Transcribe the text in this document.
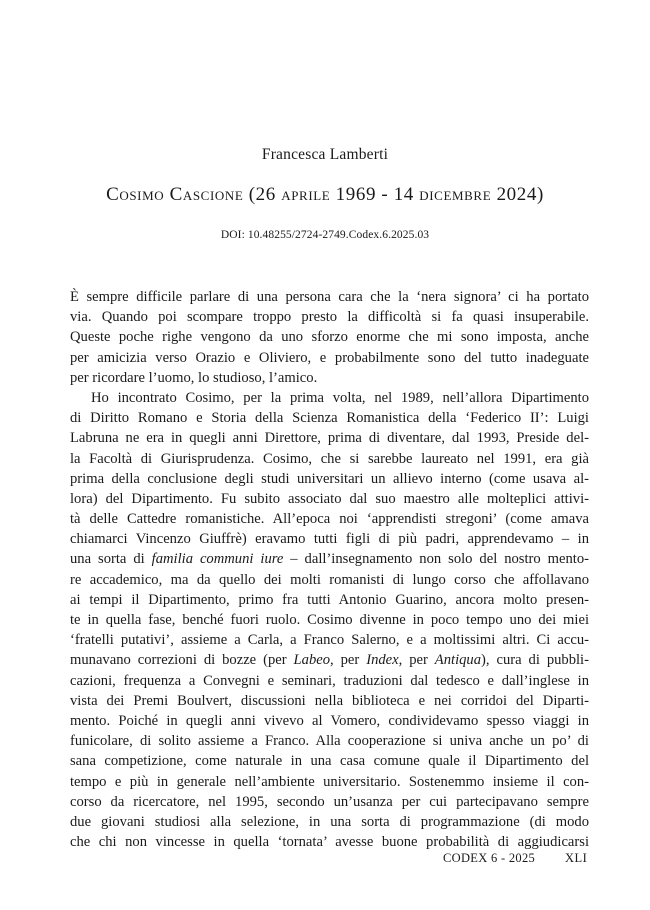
Francesca Lamberti
Cosimo Cascione (26 aprile 1969 - 14 dicembre 2024)
DOI: 10.48255/2724-2749.Codex.6.2025.03
È sempre difficile parlare di una persona cara che la ‘nera signora’ ci ha portato
via. Quando poi scompare troppo presto la difficoltà si fa quasi insuperabile.
Queste poche righe vengono da uno sforzo enorme che mi sono imposta, anche
per amicizia verso Orazio e Oliviero, e probabilmente sono del tutto inadeguate
per ricordare l’uomo, lo studioso, l’amico.
Ho incontrato Cosimo, per la prima volta, nel 1989, nell’allora Dipartimento
di Diritto Romano e Storia della Scienza Romanistica della ‘Federico II’: Luigi
Labruna ne era in quegli anni Direttore, prima di diventare, dal 1993, Preside del-
la Facoltà di Giurisprudenza. Cosimo, che si sarebbe laureato nel 1991, era già
prima della conclusione degli studi universitari un allievo interno (come usava al-
lora) del Dipartimento. Fu subito associato dal suo maestro alle molteplici attivi-
tà delle Cattedre romanistiche. All’epoca noi ‘apprendisti stregoni’ (come amava
chiamarci Vincenzo Giuffrè) eravamo tutti figli di più padri, apprendevamo – in
una sorta di familia communi iure – dall’insegnamento non solo del nostro mento-
re accademico, ma da quello dei molti romanisti di lungo corso che affollavano
ai tempi il Dipartimento, primo fra tutti Antonio Guarino, ancora molto presen-
te in quella fase, benché fuori ruolo. Cosimo divenne in poco tempo uno dei miei
‘fratelli putativi’, assieme a Carla, a Franco Salerno, e a moltissimi altri. Ci accu-
munavano correzioni di bozze (per Labeo, per Index, per Antiqua), cura di pubbli-
cazioni, frequenza a Convegni e seminari, traduzioni dal tedesco e dall’inglese in
vista dei Premi Boulvert, discussioni nella biblioteca e nei corridoi del Diparti-
mento. Poiché in quegli anni vivevo al Vomero, condividevamo spesso viaggi in
funicolare, di solito assieme a Franco. Alla cooperazione si univa anche un po’ di
sana competizione, come naturale in una casa comune quale il Dipartimento del
tempo e più in generale nell’ambiente universitario. Sostenemmo insieme il con-
corso da ricercatore, nel 1995, secondo un’usanza per cui partecipavano sempre
due giovani studiosi alla selezione, in una sorta di programmazione (di modo
che chi non vincesse in quella ‘tornata’ avesse buone probabilità di aggiudicarsi
CODEX 6 - 2025 XLI
